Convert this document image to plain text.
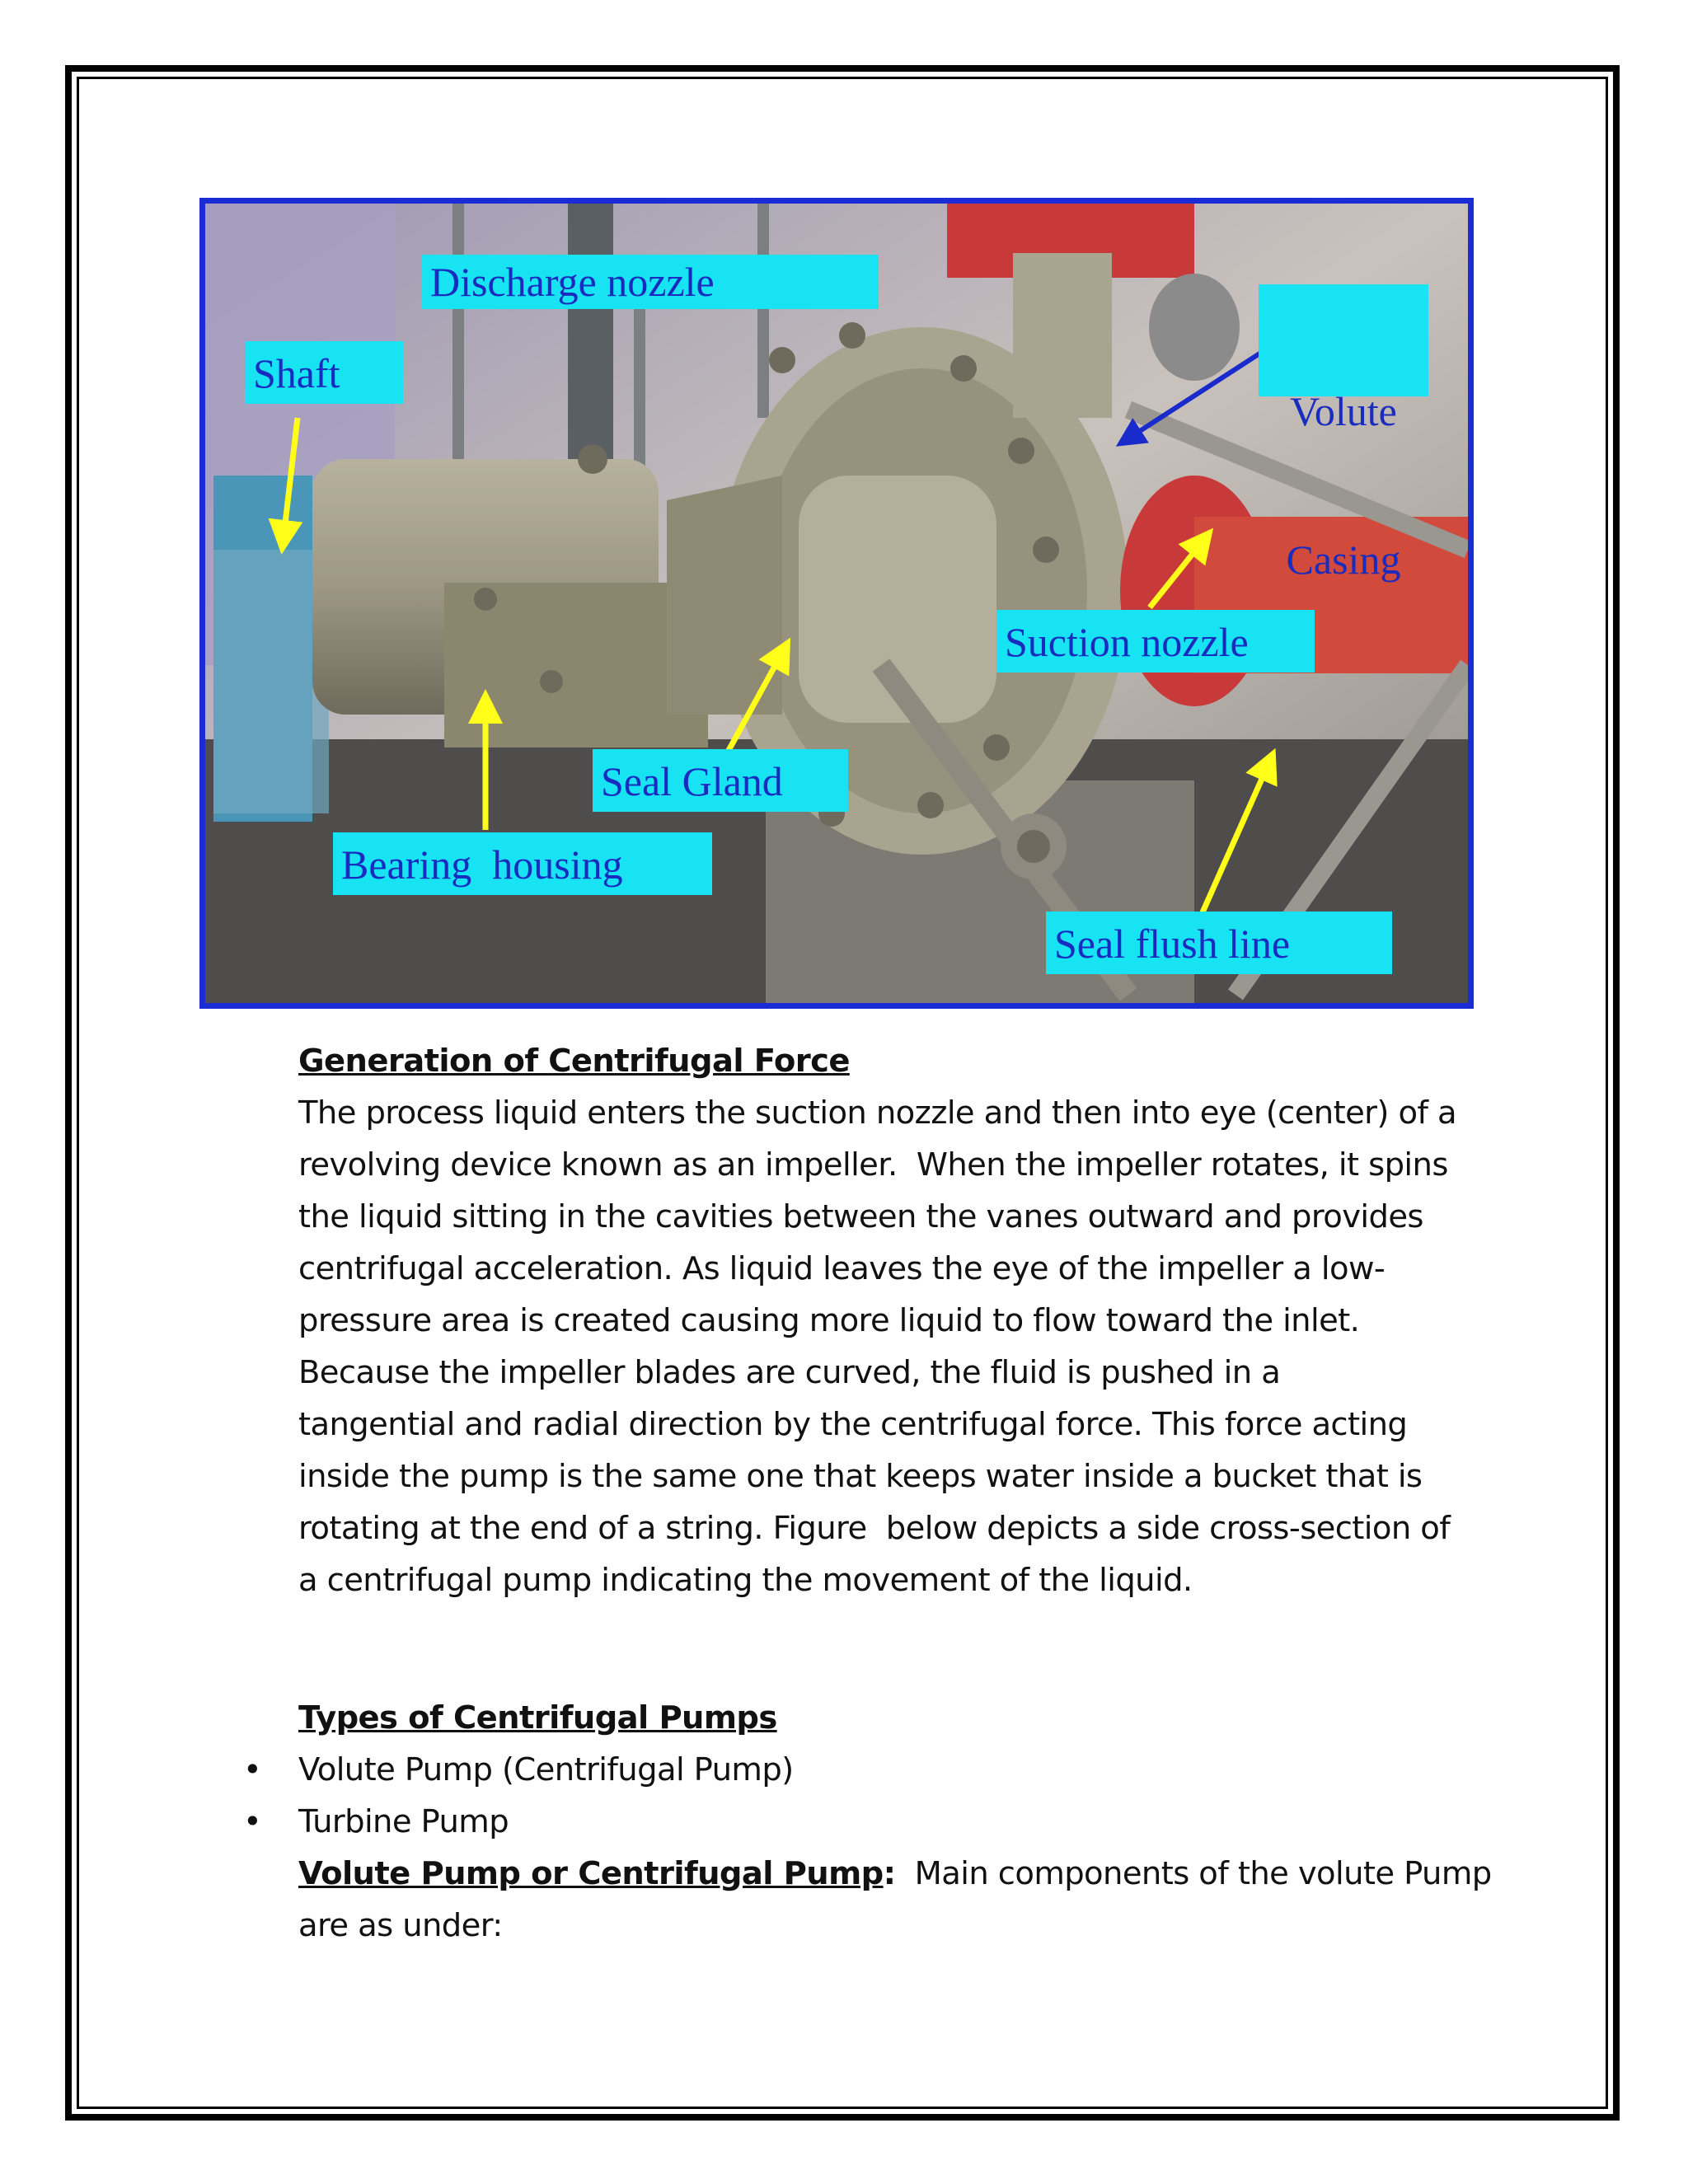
Discharge nozzle

Volute

Casing

Shaft
Suction nozzle
Seal Gland
Bearing  housing
Seal flush line
Generation of Centrifugal Force
The process liquid enters the suction nozzle and then into eye (center) of a
revolving device known as an impeller.  When the impeller rotates, it spins
the liquid sitting in the cavities between the vanes outward and provides
centrifugal acceleration. As liquid leaves the eye of the impeller a low-
pressure area is created causing more liquid to flow toward the inlet.
Because the impeller blades are curved, the fluid is pushed in a
tangential and radial direction by the centrifugal force. This force acting
inside the pump is the same one that keeps water inside a bucket that is
rotating at the end of a string. Figure  below depicts a side cross-section of
a centrifugal pump indicating the movement of the liquid.
Types of Centrifugal Pumps
• Volute Pump (Centrifugal Pump)
• Turbine Pump
Volute Pump or Centrifugal Pump:  Main components of the volute Pump
are as under:
